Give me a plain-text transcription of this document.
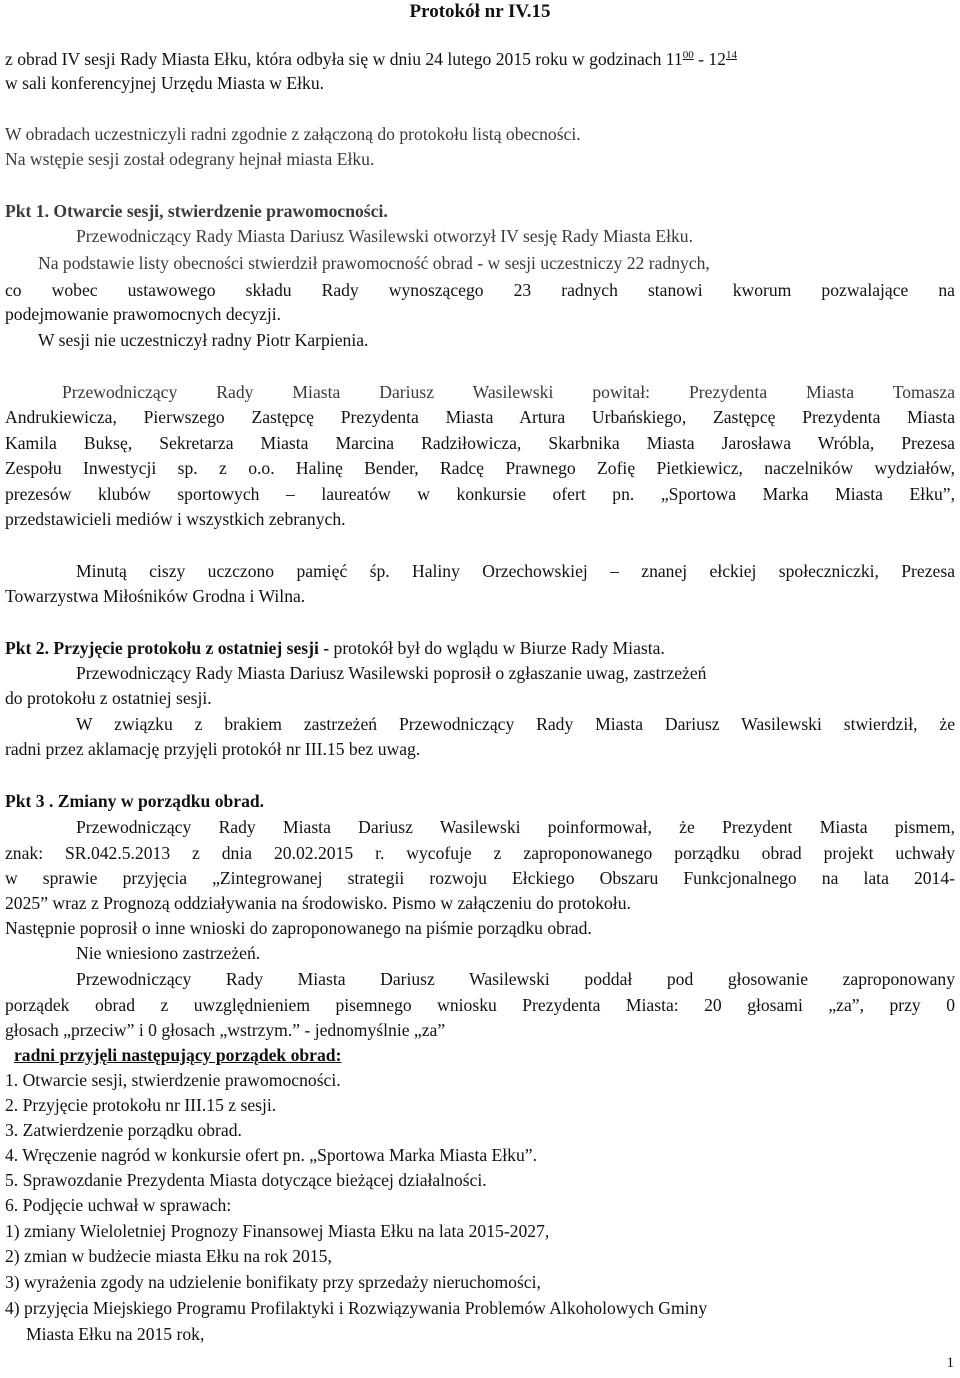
Protokół nr IV.15
z obrad IV sesji Rady Miasta Ełku, która odbyła się w dniu 24 lutego 2015 roku w godzinach $11^{00} - 12^{14}$
w sali konferencyjnej Urzędu Miasta w Ełku.
W obradach uczestniczyli radni zgodnie z załączoną do protokołu listą obecności.
Na wstępie sesji został odegrany hejnał miasta Ełku.
Pkt 1. Otwarcie sesji, stwierdzenie prawomocności.
Przewodniczący Rady Miasta Dariusz Wasilewski otworzył IV sesję Rady Miasta Ełku.
Na podstawie listy obecności stwierdził prawomocność obrad - w sesji uczestniczy 22 radnych,
co wobec ustawowego składu Rady wynoszącego 23 radnych stanowi kworum pozwalające na
podejmowanie prawomocnych decyzji.
W sesji nie uczestniczył radny Piotr Karpienia.
Przewodniczący Rady Miasta Dariusz Wasilewski powitał: Prezydenta Miasta Tomasza
Andrukiewicza, Pierwszego Zastępcę Prezydenta Miasta Artura Urbańskiego, Zastępcę Prezydenta Miasta
Kamila Buksę, Sekretarza Miasta Marcina Radziłowicza, Skarbnika Miasta Jarosława Wróbla, Prezesa
Zespołu Inwestycji sp. z o.o. Halinę Bender, Radcę Prawnego Zofię Pietkiewicz, naczelników wydziałów,
prezesów klubów sportowych – laureatów w konkursie ofert pn. „Sportowa Marka Miasta Ełku”,
przedstawicieli mediów i wszystkich zebranych.
Minutą ciszy uczczono pamięć śp. Haliny Orzechowskiej – znanej ełckiej społeczniczki, Prezesa
Towarzystwa Miłośników Grodna i Wilna.
Pkt 2. Przyjęcie protokołu z ostatniej sesji - protokół był do wglądu w Biurze Rady Miasta.
Przewodniczący Rady Miasta Dariusz Wasilewski poprosił o zgłaszanie uwag, zastrzeżeń
do protokołu z ostatniej sesji.
W związku z brakiem zastrzeżeń Przewodniczący Rady Miasta Dariusz Wasilewski stwierdził, że
radni przez aklamację przyjęli protokół nr III.15 bez uwag.
Pkt 3 . Zmiany w porządku obrad.
Przewodniczący Rady Miasta Dariusz Wasilewski poinformował, że Prezydent Miasta pismem,
znak: SR.042.5.2013 z dnia 20.02.2015 r. wycofuje z zaproponowanego porządku obrad projekt uchwały
w sprawie przyjęcia „Zintegrowanej strategii rozwoju Ełckiego Obszaru Funkcjonalnego na lata 2014-
2025” wraz z Prognozą oddziaływania na środowisko. Pismo w załączeniu do protokołu.
Następnie poprosił o inne wnioski do zaproponowanego na piśmie porządku obrad.
Nie wniesiono zastrzeżeń.
Przewodniczący Rady Miasta Dariusz Wasilewski poddał pod głosowanie zaproponowany
porządek obrad z uwzględnieniem pisemnego wniosku Prezydenta Miasta: 20 głosami „za”, przy 0
głosach „przeciw” i 0 głosach „wstrzym.” - jednomyślnie „za”
radni przyjęli następujący porządek obrad:
1. Otwarcie sesji, stwierdzenie prawomocności.
2. Przyjęcie protokołu nr III.15 z sesji.
3. Zatwierdzenie porządku obrad.
4. Wręczenie nagród w konkursie ofert pn. „Sportowa Marka Miasta Ełku”.
5. Sprawozdanie Prezydenta Miasta dotyczące bieżącej działalności.
6. Podjęcie uchwał w sprawach:
1) zmiany Wieloletniej Prognozy Finansowej Miasta Ełku na lata 2015-2027,
2) zmian w budżecie miasta Ełku na rok 2015,
3) wyrażenia zgody na udzielenie bonifikaty przy sprzedaży nieruchomości,
4) przyjęcia Miejskiego Programu Profilaktyki i Rozwiązywania Problemów Alkoholowych Gminy
Miasta Ełku na 2015 rok,
1
